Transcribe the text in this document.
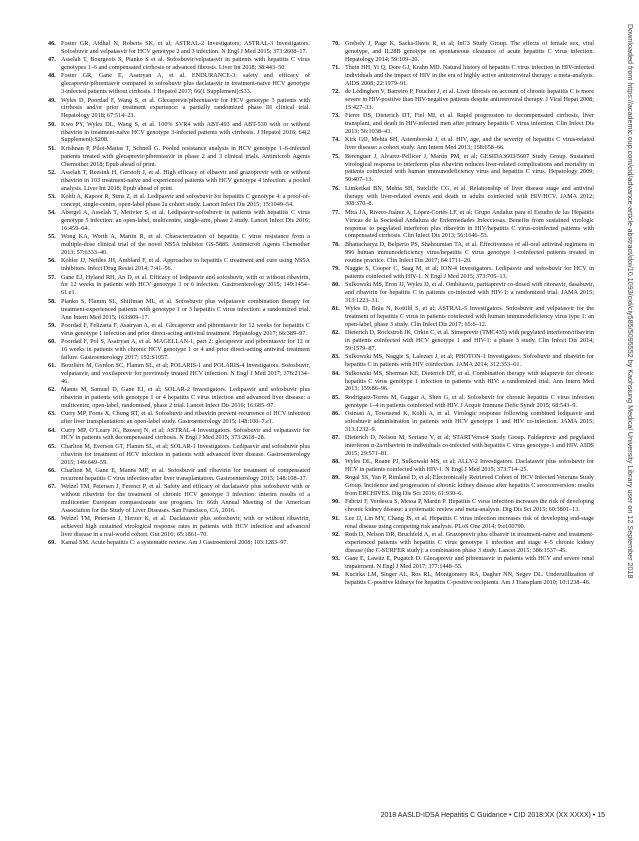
46. Foster GR, Afdhal N, Roberts SK, et al; ASTRAL-2 Investigators; ASTRAL-3 Investigators. Sofosbuvir and velpatasvir for HCV genotype 2 and 3 infection. N Engl J Med 2015; 373:2608–17.
47. Asselah T, Bourgeois S, Pianko S et al. Sofosbuvir/velpatasvir in patients with hepatitis C virus genotypes 1–6 and compensated cirrhosis or advanced fibrosis. Liver Int 2018; 38:443–50.
48. Foster GR, Gane E, Asatryan A, et al. ENDURANCE-3: safety and efficacy of glecaprevir/pibrentasvir compared to sofosbuvir plus daclatasvir in treatment-naïve HCV genotype 3-infected patients without cirrhosis. J Hepatol 2017; 66(1 Supplement):S33.
49. Wyles D, Poordad F, Wang S, et al. Glecaprevir/pibrentasvir for HCV genotype 3 patients with cirrhosis and/or prior treatment experience: a partially randomized phase III clinical trial. Hepatology 2018; 67:514–23.
50. Kwo PY, Wyles DL, Wang S, et al. 100% SVR4 with ABT-493 and ABT-530 with or without ribavirin in treatment-naïve HCV genotype 3-infected patients with cirrhosis. J Hepatol 2016; 64(2 Supplement):S208.
51. Krishnan P, Pilot-Matias T, Schnell G. Pooled resistance analysis in HCV genotype 1–6-infected patients treated with glecaprevir/pibrentasvir in phase 2 and 3 clinical trials. Antimicrob Agents Chemother 2018; Epub ahead of print.
52. Asselah T, Reesink H, Gerstoft J, et al. High efficacy of elbasvir and grazoprevir with or without ribavirin in 103 treatment-naïve and experienced patients with HCV genotype 4 infection: a pooled analysis. Liver Int 2018; Epub ahead of print.
53. Kohli A, Kapoor R, Sims Z, et al. Ledipasvir and sofosbuvir for hepatitis C genotype 4: a proof-of-concept, single-centre, open-label phase 2a cohort study. Lancet Infect Dis 2015; 15:1049–54.
54. Abergel A, Asselah T, Metivier S, et al. Ledipasvir-sofosbuvir in patients with hepatitis C virus genotype 5 infection: an open-label, multicentre, single-arm, phase 2 study. Lancet Infect Dis 2016; 16:459–64.
55. Wong KA, Worth A, Martin R, et al. Characterization of hepatitis C virus resistance from a multiple-dose clinical trial of the novel NS5A inhibitor GS-5885. Antimicrob Agents Chemother 2013; 57:6333–40.
56. Kohler JJ, Nettles JH, Amblard F, et al. Approaches to hepatitis C treatment and cure using NS5A inhibitors. Infect Drug Resist 2014; 7:41–56.
57. Gane EJ, Hyland RH, An D, et al. Efficacy of ledipasvir and sofosbuvir, with or without ribavirin, for 12 weeks in patients with HCV genotype 3 or 6 infection. Gastroenterology 2015; 149:1454–61.e1.
58. Pianko S, Flamm SL, Shiffman ML, et al. Sofosbuvir plus velpatasvir combination therapy for treatment-experienced patients with genotype 1 or 3 hepatitis C virus infection: a randomized trial. Ann Intern Med 2015; 163:809–17.
59. Poordad F, Felizarta F, Asatryan A, et al. Glecaprevir and pibrentasvir for 12 weeks for hepatitis C virus genotype 1 infection and prior direct-acting antiviral treatment. Hepatology 2017; 66:389–97.
60. Poordad F, Pol S, Asatryan A, et al. MAGELLAN-1, part 2: glecaprevir and pibrentasvir for 12 or 16 weeks in patients with chronic HCV genotype 1 or 4 and prior direct-acting antiviral treatment failure. Gastroenterology 2017; 152:S1057.
61. Bourlière M, Gordon SC, Flamm SL, et al; POLARIS-1 and POLARIS-4 Investigators. Sofosbuvir, velpatasvir, and voxilaprevir for previously treated HCV infection. N Engl J Med 2017; 376:2134–46.
62. Manns M, Samuel D, Gane EJ, et al; SOLAR-2 Investigators. Ledipasvir and sofosbuvir plus ribavirin in patients with genotype 1 or 4 hepatitis C virus infection and advanced liver disease: a multicentre, open-label, randomised, phase 2 trial. Lancet Infect Dis 2016; 16:685–97.
63. Curry MP, Forns X, Chung RT, et al. Sofosbuvir and ribavirin prevent recurrence of HCV infection after liver transplantation: an open-label study. Gastroenterology 2015; 148:100–7.e1.
64. Curry MP, O’Leary JG, Bzowej N, et al; ASTRAL-4 Investigators. Sofosbuvir and velpatasvir for HCV in patients with decompensated cirrhosis. N Engl J Med 2015; 373:2618–28.
65. Charlton M, Everson GT, Flamm SL, et al; SOLAR-1 Investigators. Ledipasvir and sofosbuvir plus ribavirin for treatment of HCV infection in patients with advanced liver disease. Gastroenterology 2015; 149:649–59.
66. Charlton M, Gane E, Manns MP, et al. Sofosbuvir and ribavirin for treatment of compensated recurrent hepatitis C virus infection after liver transplantation. Gastroenterology 2015; 148:108–17.
67. Welzel TM, Petersen J, Ferenci P, et al. Safety and efficacy of daclatasvir plus sofosbuvir with or without ribavirin for the treatment of chronic HCV genotype 3 infection: interim results of a multicenter European compassionate use program. In: 66th Annual Meeting of the American Association for the Study of Liver Diseases. San Francisco, CA, 2016.
68. Welzel TM, Petersen J, Herzer K, et al. Daclatasvir plus sofosbuvir, with or without ribavirin, achieved high sustained virological response rates in patients with HCV infection and advanced liver disease in a real-world cohort. Gut 2016; 65:1861–70.
69. Kamal SM. Acute hepatitis C: a systematic review. Am J Gastroenterol 2008; 103:1283–97.
70. Grebely J, Page K, Sacks-Davis R, et al; InC3 Study Group. The effects of female sex, viral genotype, and IL28B genotype on spontaneous clearance of acute hepatitis C virus infection. Hepatology 2014; 59:109–20.
71. Thein HH, Yi Q, Dore GJ, Krahn MD. Natural history of hepatitis C virus infection in HIV-infected individuals and the impact of HIV in the era of highly active antiretroviral therapy: a meta-analysis. AIDS 2008; 22:1979–91.
72. de Lédinghen V, Barreiro P, Foucher J, et al. Liver fibrosis on account of chronic hepatitis C is more severe in HIV-positive than HIV-negative patients despite antiretroviral therapy. J Viral Hepat 2008; 15:427–33.
73. Fierer DS, Dieterich DT, Fiel MI, et al. Rapid progression to decompensated cirrhosis, liver transplant, and death in HIV-infected men after primary hepatitis C virus infection. Clin Infect Dis 2013; 56:1038–43.
74. Kirk GD, Mehta SH, Astemborski J, et al. HIV, age, and the severity of hepatitis C virus-related liver disease: a cohort study. Ann Intern Med 2013; 158:658–66.
75. Berenguer J, Alvarez-Pellicer J, Martín PM, et al; GESIDA3603/5607 Study Group. Sustained virological response to interferon plus ribavirin reduces liver-related complications and mortality in patients coinfected with human immunodeficiency virus and hepatitis C virus. Hepatology 2009; 50:407–13.
76. Limketkai BN, Mehta SH, Sutcliffe CG, et al. Relationship of liver disease stage and antiviral therapy with liver-related events and death in adults coinfected with HIV/HCV. JAMA 2012; 308:370–8.
77. Mira JA, Rivero-Juárez A, López-Cortés LF, et al; Grupo Andaluz para el Estudio de las Hepatitis Víricas de la Sociedad Andaluza de Enfermedades Infecciosas. Benefits from sustained virologic response to pegylated interferon plus ribavirin in HIV/hepatitis C virus-coinfected patients with compensated cirrhosis. Clin Infect Dis 2013; 56:1646–53.
78. Bhattacharya D, Belperio PS, Shahoumian TA, et al. Effectiveness of all-oral antiviral regimens in 996 human immunodeficiency virus/hepatitis C virus genotype 1-coinfected patients treated in routine practice. Clin Infect Dis 2017; 64:1711–20.
79. Naggie S, Cooper C, Saag M, et al; ION-4 Investigators. Ledipasvir and sofosbuvir for HCV in patients coinfected with HIV-1. N Engl J Med 2015; 373:705–13.
80. Sulkowski MS, Eron JJ, Wyles D, et al. Ombitasvir, paritaprevir co-dosed with ritonavir, dasabuvir, and ribavirin for hepatitis C in patients co-infected with HIV-1: a randomized trial. JAMA 2015; 313:1223–31.
81. Wyles D, Bräu N, Kottilil S, et al; ASTRAL-5 Investigators. Sofosbuvir and velpatasvir for the treatment of hepatitis C virus in patients coinfected with human immunodeficiency virus type 1: an open-label, phase 3 study. Clin Infect Dis 2017; 65:6–12.
82. Dieterich D, Rockstroh JK, Orkin C, et al. Simeprevir (TMC435) with pegylated interferon/ribavirin in patients coinfected with HCV genotype 1 and HIV-1: a phase 3 study. Clin Infect Dis 2014; 59:1579–87.
83. Sulkowski MS, Naggie S, Lalezari J, et al; PHOTON-1 Investigators. Sofosbuvir and ribavirin for hepatitis C in patients with HIV coinfection. JAMA 2014; 312:353–61.
84. Sulkowski MS, Sherman KE, Dieterich DT, et al. Combination therapy with telaprevir for chronic hepatitis C virus genotype 1 infection in patients with HIV: a randomized trial. Ann Intern Med 2013; 159:86–96.
85. Rodriguez-Torres M, Gaggar A, Shen G, et al. Sofosbuvir for chronic hepatitis C virus infection genotype 1–4 in patients coinfected with HIV. J Acquir Immune Defic Syndr 2015; 68:543–9.
86. Osinusi A, Townsend K, Kohli A, et al. Virologic response following combined ledipasvir and sofosbuvir administration in patients with HCV genotype 1 and HIV co-infection. JAMA 2015; 313:1232–9.
87. Dieterich D, Nelson M, Soriano V, et al; STARTVerso4 Study Group. Faldaprevir and pegylated interferon α-2a/ribavirin in individuals co-infected with hepatitis C virus genotype-1 and HIV. AIDS 2015; 29:571–81.
88. Wyles DL, Ruane PJ, Sulkowski MS, et al; ALLY-2 Investigators. Daclatasvir plus sofosbuvir for HCV in patients coinfected with HIV-1. N Engl J Med 2015; 373:714–25.
89. Rogal SS, Yan P, Rimland D, et al; Electronically Retrieved Cohort of HCV Infected Veterans Study Group. Incidence and progression of chronic kidney disease after hepatitis C seroconversion: results from ERCHIVES. Dig Dis Sci 2016; 61:930–6.
90. Fabrizi F, Verdesca S, Messa P, Martin P. Hepatitis C virus infection increases the risk of developing chronic kidney disease: a systematic review and meta-analysis. Dig Dis Sci 2015; 60:3801–13.
91. Lee JJ, Lin MY, Chang JS, et al. Hepatitis C virus infection increases risk of developing end-stage renal disease using competing risk analysis. PLoS One 2014; 9:e100790.
92. Roth D, Nelson DR, Bruchfeld A, et al. Grazoprevir plus elbasvir in treatment-naive and treatment-experienced patients with hepatitis C virus genotype 1 infection and stage 4–5 chronic kidney disease (the C-SURFER study): a combination phase 3 study. Lancet 2015; 386:1537–45.
93. Gane E, Lawitz E, Pugatch D. Glecaprevir and pibrentasvir in patients with HCV and severe renal impairment. N Engl J Med 2017; 377:1448–55.
94. Kucirka LM, Singer AL, Ros RL, Montgomery RA, Dagher NN, Segev DL. Underutilization of hepatitis C-positive kidneys for hepatitis C-positive recipients. Am J Transplant 2010; 10:1238–46.
Downloaded from https://academic.oup.com/cid/advance-article-abstract/doi/10.1093/cid/ciy585/5095552 by Kaohsiung Medical University Library user on 12 September 2018
2018 AASLD-IDSA Hepatitis C Guidance • CID 2018:XX (XX XXXX) • 15
